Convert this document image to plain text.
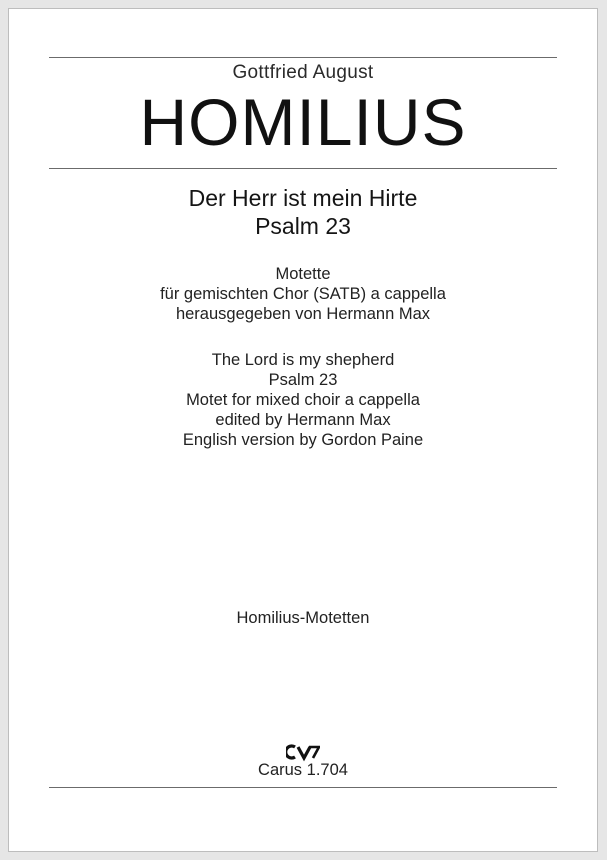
Gottfried August
HOMILIUS
Der Herr ist mein Hirte
Psalm 23
Motette
für gemischten Chor (SATB) a cappella
herausgegeben von Hermann Max
The Lord is my shepherd
Psalm 23
Motet for mixed choir a cappella
edited by Hermann Max
English version by Gordon Paine
Homilius-Motetten
Carus 1.704
